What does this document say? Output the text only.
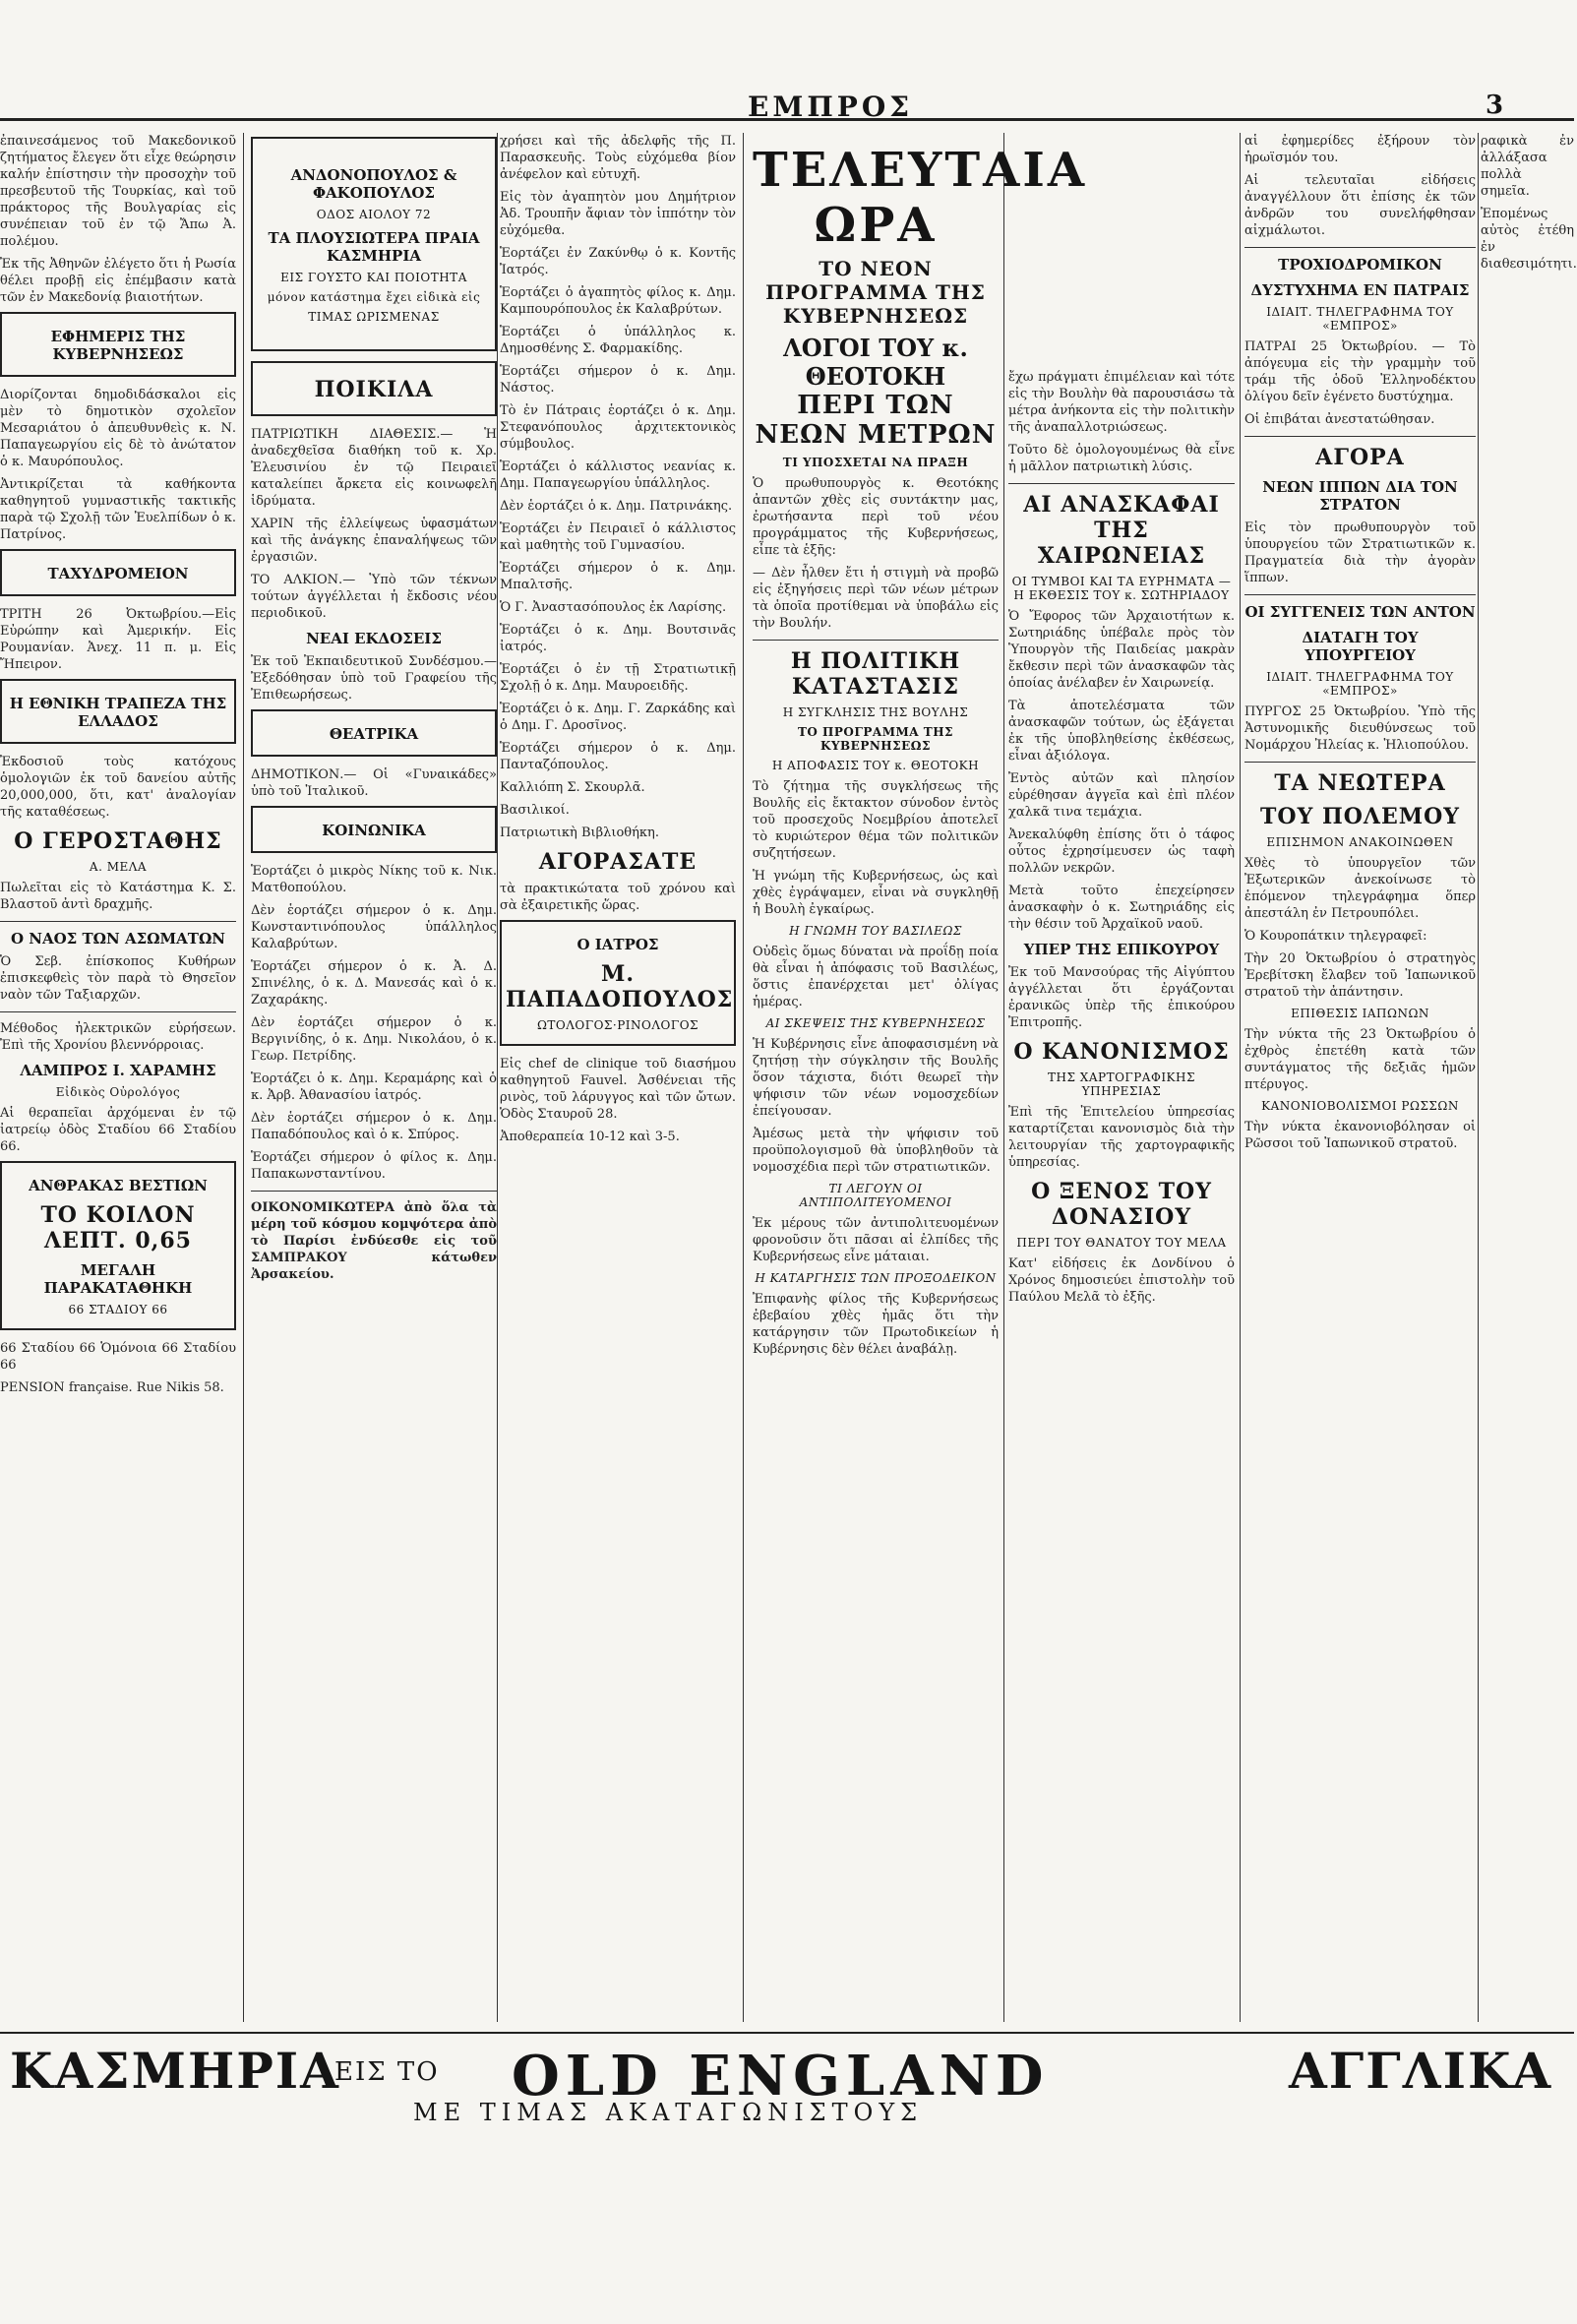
ΕΜΠΡΟΣ	3

ἐπαινεσάμενος τοῦ Μακεδονικοῦ ζητήματος ἔλεγεν ὅτι εἶχε θεώρησιν καλήν ἐπίστησιν τὴν προσοχὴν τοῦ πρεσβευτοῦ τῆς Τουρκίας, καὶ τοῦ πράκτορος τῆς Βουλγαρίας εἰς συνέπειαν τοῦ ἐν τῷ Ἄπω Ἀ. πολέμου.

Ἐκ τῆς Ἀθηνῶν ἐλέγετο ὅτι ἡ Ρωσία θέλει προβῇ εἰς ἐπέμβασιν κατὰ τῶν ἐν Μακεδονίᾳ βιαιοτήτων.

ΕΦΗΜΕΡΙΣ ΤΗΣ ΚΥΒΕΡΝΗΣΕΩΣ

Διορίζονται δημοδιδάσκαλοι εἰς μὲν τὸ δημοτικὸν σχολεῖον Μεσαριάτου ὁ ἀπευθυνθεὶς κ. Ν. Παπαγεωργίου εἰς δὲ τὸ ἀνώτατον ὁ κ. Μαυρόπουλος.

Ἀντικρίζεται τὰ καθήκοντα καθηγητοῦ γυμναστικῆς τακτικῆς παρὰ τῷ Σχολῇ τῶν Ἐυελπίδων ὁ κ. Πατρίνος.

ΤΑΧΥΔΡΟΜΕΙΟΝ

ΤΡΙΤΗ 26 Ὀκτωβρίου.—Εἰς Εὐρώπην καὶ Ἀμερικήν. Εἰς Ρουμανίαν. Ἀνεχ. 11 π. μ. Εἰς Ἤπειρον.

Η ΕΘΝΙΚΗ ΤΡΑΠΕΖΑ ΤΗΣ ΕΛΛΑΔΟΣ

Ἐκδοσιοῦ τοὺς κατόχους ὁμολογιῶν ἐκ τοῦ δανείου αὐτῆς 20,000,000, ὅτι, κατ' ἀναλογίαν τῆς καταθέσεως.

Ο ΓΕΡΟΣΤΑΘΗΣ
Α. ΜΕΛΑ

Πωλεῖται εἰς τὸ Κατάστημα Κ. Σ. Βλαστοῦ ἀντὶ δραχμῆς.

Ο ΝΑΟΣ ΤΩΝ ΑΣΩΜΑΤΩΝ

Ὁ Σεβ. ἐπίσκοπος Κυθήρων ἐπισκεφθεὶς τὸν παρὰ τὸ Θησεῖον ναὸν τῶν Ταξιαρχῶν.

Μέθοδος ἠλεκτρικῶν εὑρήσεων. Ἐπὶ τῆς Χρονίου βλεννόρροιας.

ΛΑΜΠΡΟΣ Ι. ΧΑΡΑΜΗΣ
Εἰδικὸς Οὐρολόγος

Αἱ θεραπεῖαι ἀρχόμεναι ἐν τῷ ἰατρείῳ ὁδὸς Σταδίου 66 Σταδίου 66.

ΑΝΘΡΑΚΑΣ ΒΕΣΤΙΩΝ
ΤΟ ΚΟΙΛΟΝ ΛΕΠΤ. 0,65
ΜΕΓΑΛΗ ΠΑΡΑΚΑΤΑΘΗΚΗ
66 ΣΤΑΔΙΟΥ 66

66 Σταδίου 66 Ὁμόνοια 66 Σταδίου 66

PENSION française. Rue Nikis 58.

ΑΝΔΟΝΟΠΟΥΛΟΣ & ΦΑΚΟΠΟΥΛΟΣ
ΟΔΟΣ ΑΙΟΛΟΥ 72
ΤΑ ΠΛΟΥΣΙΩΤΕΡΑ ΠΡΑΙΑ ΚΑΣΜΗΡΙΑ
ΕΙΣ ΓΟΥΣΤΟ ΚΑΙ ΠΟΙΟΤΗΤΑ
μόνον κατάστημα ἔχει εἰδικὰ εἰς
ΤΙΜΑΣ ΩΡΙΣΜΕΝΑΣ
ΠΟΙΚΙΛΑ

ΠΑΤΡΙΩΤΙΚΗ ΔΙΑΘΕΣΙΣ.— Ἡ ἀναδεχθεῖσα διαθήκη τοῦ κ. Χρ. Ἐλευσινίου ἐν τῷ Πειραιεῖ καταλείπει ἄρκετα εἰς κοινωφελῆ ἱδρύματα.

ΧΑΡΙΝ τῆς ἐλλείψεως ὑφασμάτων καὶ τῆς ἀνάγκης ἐπαναλήψεως τῶν ἐργασιῶν.

ΤΟ ΑΛΚΙΟΝ.— Ὑπὸ τῶν τέκνων τούτων ἀγγέλλεται ἡ ἔκδοσις νέου περιοδικοῦ.

ΝΕΑΙ ΕΚΔΟΣΕΙΣ

Ἐκ τοῦ Ἐκπαιδευτικοῦ Συνδέσμου.— Ἐξεδόθησαν ὑπὸ τοῦ Γραφείου τῆς Ἐπιθεωρήσεως.

ΘΕΑΤΡΙΚΑ

ΔΗΜΟΤΙΚΟΝ.— Οἱ «Γυναικάδες» ὑπὸ τοῦ Ἰταλικοῦ.

ΚΟΙΝΩΝΙΚΑ

Ἑορτάζει ὁ μικρὸς Νίκης τοῦ κ. Νικ. Ματθοπούλου.

Δὲν ἑορτάζει σήμερον ὁ κ. Δημ. Κωνσταντινόπουλος ὑπάλληλος Καλαβρύτων.

Ἑορτάζει σήμερον ὁ κ. Ἀ. Δ. Σπινέλης, ὁ κ. Δ. Μανεσάς καὶ ὁ κ. Ζαχαράκης.

Δὲν ἑορτάζει σήμερον ὁ κ. Βεργινίδης, ὁ κ. Δημ. Νικολάου, ὁ κ. Γεωρ. Πετρίδης.

Ἑορτάζει ὁ κ. Δημ. Κεραμάρης καὶ ὁ κ. Ἀρβ. Ἀθανασίου ἰατρός.

Δὲν ἑορτάζει σήμερον ὁ κ. Δημ. Παπαδόπουλος καὶ ὁ κ. Σπύρος.

Ἑορτάζει σήμερον ὁ φίλος κ. Δημ. Παπακωνσταντίνου.

ΟΙΚΟΝΟΜΙΚΩΤΕΡΑ ἀπὸ ὅλα τὰ μέρη τοῦ κόσμου κομψότερα ἀπὸ τὸ Παρίσι ἐνδύεσθε εἰς τοῦ ΣΑΜΠΡΑΚΟΥ κάτωθεν Ἀρσακείου.

χρήσει καὶ τῆς ἀδελφῆς τῆς Π. Παρασκευῆς. Τοὺς εὐχόμεθα βίον ἀνέφελον καὶ εὐτυχῆ.

Εἰς τὸν ἀγαπητὸν μου Δημήτριον Ἀδ. Τρουπῆν ἄφιαν τὸν ἱππότην τὸν εὐχόμεθα.

Ἑορτάζει ἐν Ζακύνθῳ ὁ κ. Κοντῆς Ἰατρός.

Ἑορτάζει ὁ ἀγαπητὸς φίλος κ. Δημ. Καμπουρόπουλος ἐκ Καλαβρύτων.

Ἑορτάζει ὁ ὑπάλληλος κ. Δημοσθένης Σ. Φαρμακίδης.

Ἑορτάζει σήμερον ὁ κ. Δημ. Νάστος.

Τὸ ἐν Πάτραις ἑορτάζει ὁ κ. Δημ. Στεφανόπουλος ἀρχιτεκτονικὸς σύμβουλος.

Ἑορτάζει ὁ κάλλιστος νεανίας κ. Δημ. Παπαγεωργίου ὑπάλληλος.

Δὲν ἑορτάζει ὁ κ. Δημ. Πατρινάκης.

Ἑορτάζει ἐν Πειραιεῖ ὁ κάλλιστος καὶ μαθητὴς τοῦ Γυμνασίου.

Ἑορτάζει σήμερον ὁ κ. Δημ. Μπαλτσῆς.

Ὁ Γ. Ἀναστασόπουλος ἐκ Λαρίσης.

Ἑορτάζει ὁ κ. Δημ. Βουτσινᾶς ἰατρός.

Ἑορτάζει ὁ ἐν τῇ Στρατιωτικῇ Σχολῇ ὁ κ. Δημ. Μαυροειδῆς.

Ἑορτάζει ὁ κ. Δημ. Γ. Ζαρκάδης καὶ ὁ Δημ. Γ. Δροσῖνος.

Ἑορτάζει σήμερον ὁ κ. Δημ. Πανταζόπουλος.

Καλλιόπη Σ. Σκουρλᾶ.

Βασιλικοί.

Πατριωτικὴ Βιβλιοθήκη.

ΑΓΟΡΑΣΑΤΕ

τὰ πρακτικώτατα τοῦ χρόνου καὶ σὰ ἐξαιρετικῆς ὥρας.

Ο ΙΑΤΡΟΣ
Μ. ΠΑΠΑΔΟΠΟΥΛΟΣ
ΩΤΟΛΟΓΟΣ·ΡΙΝΟΛΟΓΟΣ

Εἰς chef de clinique τοῦ διασήμου καθηγητοῦ Fauvel. Ἀσθένειαι τῆς ρινὸς, τοῦ λάρυγγος καὶ τῶν ὤτων. Ὁδὸς Σταυροῦ 28.

Ἀποθεραπεία 10-12 καὶ 3-5.

ΤΕΛΕΥΤΑΙΑ ΩΡΑ
ΤΟ ΝΕΟΝ ΠΡΟΓΡΑΜΜΑ ΤΗΣ ΚΥΒΕΡΝΗΣΕΩΣ
ΛΟΓΟΙ ΤΟΥ κ. ΘΕΟΤΟΚΗ
ΠΕΡΙ ΤΩΝ ΝΕΩΝ ΜΕΤΡΩΝ
ΤΙ ΥΠΟΣΧΕΤΑΙ ΝΑ ΠΡΑΞΗ

Ὁ πρωθυπουργὸς κ. Θεοτόκης ἀπαντῶν χθὲς εἰς συντάκτην μας, ἐρωτήσαντα περὶ τοῦ νέου προγράμματος τῆς Κυβερνήσεως, εἶπε τὰ ἑξῆς:

— Δὲν ἦλθεν ἔτι ἡ στιγμὴ νὰ προβῶ εἰς ἐξηγήσεις περὶ τῶν νέων μέτρων τὰ ὁποῖα προτίθεμαι νὰ ὑποβάλω εἰς τὴν Βουλήν.

Η ΠΟΛΙΤΙΚΗ ΚΑΤΑΣΤΑΣΙΣ
Η ΣΥΓΚΛΗΣΙΣ ΤΗΣ ΒΟΥΛΗΣ
ΤΟ ΠΡΟΓΡΑΜΜΑ ΤΗΣ ΚΥΒΕΡΝΗΣΕΩΣ
Η ΑΠΟΦΑΣΙΣ ΤΟΥ κ. ΘΕΟΤΟΚΗ

Τὸ ζήτημα τῆς συγκλήσεως τῆς Βουλῆς εἰς ἔκτακτον σύνοδον ἐντὸς τοῦ προσεχοῦς Νοεμβρίου ἀποτελεῖ τὸ κυριώτερον θέμα τῶν πολιτικῶν συζητήσεων.

Ἡ γνώμη τῆς Κυβερνήσεως, ὡς καὶ χθὲς ἐγράψαμεν, εἶναι νὰ συγκληθῇ ἡ Βουλὴ ἐγκαίρως.

Η ΓΝΩΜΗ ΤΟΥ ΒΑΣΙΛΕΩΣ

Οὐδεὶς ὅμως δύναται νὰ προΐδῃ ποία θὰ εἶναι ἡ ἀπόφασις τοῦ Βασιλέως, ὅστις ἐπανέρχεται μετ' ὀλίγας ἡμέρας.

ΑΙ ΣΚΕΨΕΙΣ ΤΗΣ ΚΥΒΕΡΝΗΣΕΩΣ

Ἡ Κυβέρνησις εἶνε ἀποφασισμένη νὰ ζητήσῃ τὴν σύγκλησιν τῆς Βουλῆς ὅσον τάχιστα, διότι θεωρεῖ τὴν ψήφισιν τῶν νέων νομοσχεδίων ἐπείγουσαν.

Ἀμέσως μετὰ τὴν ψήφισιν τοῦ προϋπολογισμοῦ θὰ ὑποβληθοῦν τὰ νομοσχέδια περὶ τῶν στρατιωτικῶν.

ΤΙ ΛΕΓΟΥΝ ΟΙ ΑΝΤΙΠΟΛΙΤΕΥΟΜΕΝΟΙ

Ἐκ μέρους τῶν ἀντιπολιτευομένων φρονοῦσιν ὅτι πᾶσαι αἱ ἐλπίδες τῆς Κυβερνήσεως εἶνε μάταιαι.

Η ΚΑΤΑΡΓΗΣΙΣ ΤΩΝ ΠΡΟΞΟΔΕΙΚΟΝ

Ἐπιφανὴς φίλος τῆς Κυβερνήσεως ἐβεβαίου χθὲς ἡμᾶς ὅτι τὴν κατάργησιν τῶν Πρωτοδικείων ἡ Κυβέρνησις δὲν θέλει ἀναβάλῃ.

ἔχω πράγματι ἐπιμέλειαν καὶ τότε εἰς τὴν Βουλὴν θὰ παρουσιάσω τὰ μέτρα ἀνήκοντα εἰς τὴν πολιτικὴν τῆς ἀναπαλλοτριώσεως.

Τοῦτο δὲ ὁμολογουμένως θὰ εἶνε ἡ μᾶλλον πατριωτικὴ λύσις.

ΑΙ ΑΝΑΣΚΑΦΑΙ ΤΗΣ ΧΑΙΡΩΝΕΙΑΣ
ΟΙ ΤΥΜΒΟΙ ΚΑΙ ΤΑ ΕΥΡΗΜΑΤΑ — Η ΕΚΘΕΣΙΣ ΤΟΥ κ. ΣΩΤΗΡΙΑΔΟΥ

Ὁ Ἔφορος τῶν Ἀρχαιοτήτων κ. Σωτηριάδης ὑπέβαλε πρὸς τὸν Ὑπουργὸν τῆς Παιδείας μακρὰν ἔκθεσιν περὶ τῶν ἀνασκαφῶν τὰς ὁποίας ἀνέλαβεν ἐν Χαιρωνείᾳ.

Τὰ ἀποτελέσματα τῶν ἀνασκαφῶν τούτων, ὡς ἐξάγεται ἐκ τῆς ὑποβληθείσης ἐκθέσεως, εἶναι ἀξιόλογα.

Ἐντὸς αὐτῶν καὶ πλησίον εὑρέθησαν ἀγγεῖα καὶ ἐπὶ πλέον χαλκᾶ τινα τεμάχια.

Ἀνεκαλύφθη ἐπίσης ὅτι ὁ τάφος οὗτος ἐχρησίμευσεν ὡς ταφὴ πολλῶν νεκρῶν.

Μετὰ τοῦτο ἐπεχείρησεν ἀνασκαφὴν ὁ κ. Σωτηριάδης εἰς τὴν θέσιν τοῦ Ἀρχαϊκοῦ ναοῦ.

ΥΠΕΡ ΤΗΣ ΕΠΙΚΟΥΡΟΥ

Ἐκ τοῦ Μανσούρας τῆς Αἰγύπτου ἀγγέλλεται ὅτι ἐργάζονται ἐρανικῶς ὑπὲρ τῆς ἐπικούρου Ἐπιτροπῆς.

Ο ΚΑΝΟΝΙΣΜΟΣ
ΤΗΣ ΧΑΡΤΟΓΡΑΦΙΚΗΣ ΥΠΗΡΕΣΙΑΣ

Ἐπὶ τῆς Ἐπιτελείου ὑπηρεσίας καταρτίζεται κανονισμὸς διὰ τὴν λειτουργίαν τῆς χαρτογραφικῆς ὑπηρεσίας.

Ο ΞΕΝΟΣ ΤΟΥ ΔΟΝΑΣΙΟΥ
ΠΕΡΙ ΤΟΥ ΘΑΝΑΤΟΥ ΤΟΥ ΜΕΛΑ

Κατ' εἰδήσεις ἐκ Δονδίνου ὁ Χρόνος δημοσιεύει ἐπιστολὴν τοῦ Παύλου Μελᾶ τὸ ἐξῆς.

αἱ ἐφημερίδες ἐξήρουν τὸν ἡρωϊσμόν του.

Αἱ τελευταῖαι εἰδήσεις ἀναγγέλλουν ὅτι ἐπίσης ἐκ τῶν ἀνδρῶν του συνελήφθησαν αἰχμάλωτοι.

ΤΡΟΧΙΟΔΡΟΜΙΚΟΝ
ΔΥΣΤΥΧΗΜΑ ΕΝ ΠΑΤΡΑΙΣ
ΙΔΙΑΙΤ. ΤΗΛΕΓΡΑΦΗΜΑ ΤΟΥ «ΕΜΠΡΟΣ»

ΠΑΤΡΑΙ 25 Ὀκτωβρίου. — Τὸ ἀπόγευμα εἰς τὴν γραμμὴν τοῦ τράμ τῆς ὁδοῦ Ἐλληνοδέκτου ὀλίγου δεῖν ἐγένετο δυστύχημα.

Οἱ ἐπιβάται ἀνεστατώθησαν.

ΑΓΟΡΑ
ΝΕΩΝ ΙΠΠΩΝ ΔΙΑ ΤΟΝ ΣΤΡΑΤΟΝ

Εἰς τὸν πρωθυπουργὸν τοῦ ὑπουργείου τῶν Στρατιωτικῶν κ. Πραγματεία διὰ τὴν ἀγορὰν ἵππων.

ΟΙ ΣΥΓΓΕΝΕΙΣ ΤΩΝ ΑΝΤΟΝ
ΔΙΑΤΑΓΗ ΤΟΥ ΥΠΟΥΡΓΕΙΟΥ
ΙΔΙΑΙΤ. ΤΗΛΕΓΡΑΦΗΜΑ ΤΟΥ «ΕΜΠΡΟΣ»

ΠΥΡΓΟΣ 25 Ὀκτωβρίου. Ὑπὸ τῆς Ἀστυνομικῆς διευθύνσεως τοῦ Νομάρχου Ἠλείας κ. Ἠλιοπούλου.

ΤΑ ΝΕΩΤΕΡΑ
ΤΟΥ ΠΟΛΕΜΟΥ
ΕΠΙΣΗΜΟΝ ΑΝΑΚΟΙΝΩΘΕΝ

Χθὲς τὸ ὑπουργεῖον τῶν Ἐξωτερικῶν ἀνεκοίνωσε τὸ ἑπόμενον τηλεγράφημα ὅπερ ἀπεστάλη ἐν Πετρουπόλει.

Ὁ Κουροπάτκιν τηλεγραφεῖ:

Τὴν 20 Ὀκτωβρίου ὁ στρατηγὸς Ἑρεβίτσκη ἔλαβεν τοῦ Ἰαπωνικοῦ στρατοῦ τὴν ἀπάντησιν.

ΕΠΙΘΕΣΙΣ ΙΑΠΩΝΩΝ

Τὴν νύκτα τῆς 23 Ὀκτωβρίου ὁ ἐχθρὸς ἐπετέθη κατὰ τῶν συντάγματος τῆς δεξιᾶς ἡμῶν πτέρυγος.

ΚΑΝΟΝΙΟΒΟΛΙΣΜΟΙ ΡΩΣΣΩΝ

Τὴν νύκτα ἐκανονιοβόλησαν οἱ Ρῶσσοι τοῦ Ἰαπωνικοῦ στρατοῦ.

ραφικὰ ἐν ἀλλάξασα πολλὰ σημεῖα.

Ἐπομένως αὐτὸς ἐτέθη ἐν διαθεσιμότητι.

ΚΑΣΜΗΡΙΑ
ΕΙΣ ΤΟ OLD ENGLAND	ΑΓΓΛΙΚΑ
ΜΕ ΤΙΜΑΣ ΑΚΑΤΑΓΩΝΙΣΤΟΥΣ
